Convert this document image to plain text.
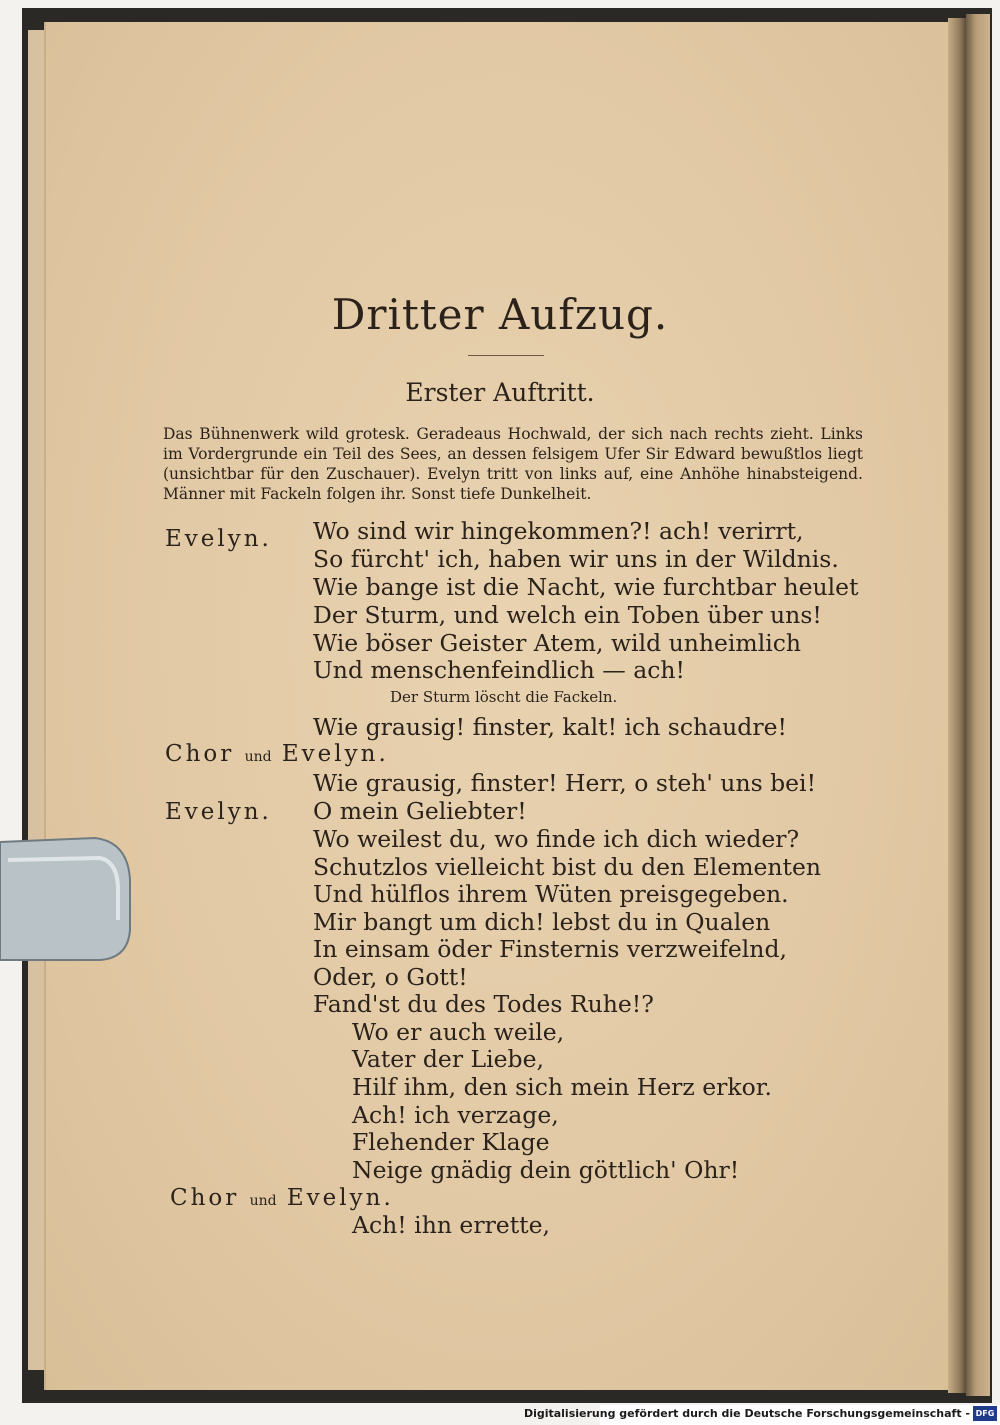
Dritter Aufzug.
Erster Auftritt.
Das Bühnenwerk wild grotesk. Geradeaus Hochwald, der sich nach rechts zieht. Links im Vordergrunde ein Teil des Sees, an dessen felsigem Ufer Sir Edward bewußtlos liegt (unsichtbar für den Zuschauer). Evelyn tritt von links auf, eine Anhöhe hinabsteigend. Männer mit Fackeln folgen ihr. Sonst tiefe Dunkelheit.
Evelyn. Wo sind wir hingekommen?! ach! verirrt,
So fürcht' ich, haben wir uns in der Wildnis.
Wie bange ist die Nacht, wie furchtbar heulet
Der Sturm, und welch ein Toben über uns!
Wie böser Geister Atem, wild unheimlich
Und menschenfeindlich — ach!
Der Sturm löscht die Fackeln.
Wie grausig! finster, kalt! ich schaudre!
Chor und Evelyn.
Wie grausig, finster! Herr, o steh' uns bei!
Evelyn. O mein Geliebter!
Wo weilest du, wo finde ich dich wieder?
Schutzlos vielleicht bist du den Elementen
Und hülflos ihrem Wüten preisgegeben.
Mir bangt um dich! lebst du in Qualen
In einsam öder Finsternis verzweifelnd,
Oder, o Gott!
Fand'st du des Todes Ruhe!?
Wo er auch weile,
Vater der Liebe,
Hilf ihm, den sich mein Herz erkor.
Ach! ich verzage,
Flehender Klage
Neige gnädig dein göttlich' Ohr!
Chor und Evelyn.
Ach! ihn errette,
Digitalisierung gefördert durch die Deutsche Forschungsgemeinschaft - DFG
